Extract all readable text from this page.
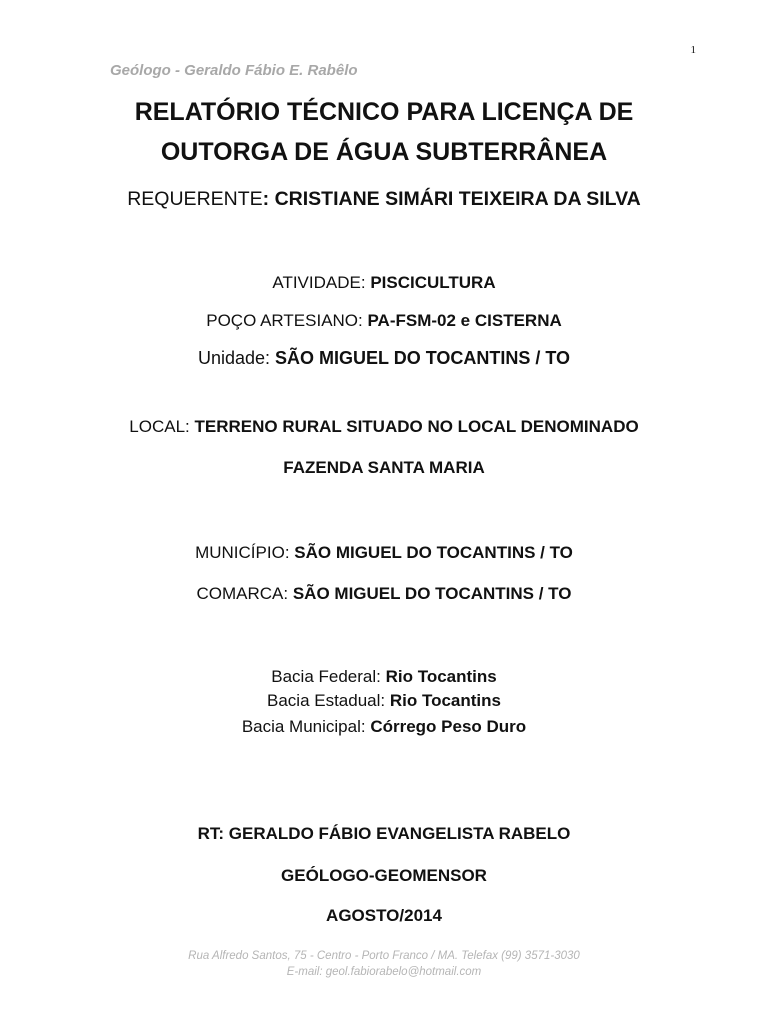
1
Geólogo - Geraldo Fábio E. Rabêlo
RELATÓRIO TÉCNICO PARA LICENÇA DE
OUTORGA DE ÁGUA SUBTERRÂNEA
REQUERENTE: CRISTIANE SIMÁRI TEIXEIRA DA SILVA
ATIVIDADE: PISCICULTURA
POÇO ARTESIANO: PA-FSM-02 e CISTERNA
Unidade: SÃO MIGUEL DO TOCANTINS / TO
LOCAL: TERRENO RURAL SITUADO NO LOCAL DENOMINADO
FAZENDA SANTA MARIA
MUNICÍPIO: SÃO MIGUEL DO TOCANTINS / TO
COMARCA: SÃO MIGUEL DO TOCANTINS / TO
Bacia Federal: Rio Tocantins
Bacia Estadual: Rio Tocantins
Bacia Municipal: Córrego Peso Duro
RT: GERALDO FÁBIO EVANGELISTA RABELO
GEÓLOGO-GEOMENSOR
AGOSTO/2014
Rua Alfredo Santos, 75 - Centro - Porto Franco / MA. Telefax (99) 3571-3030
E-mail: geol.fabiorabelo@hotmail.com
